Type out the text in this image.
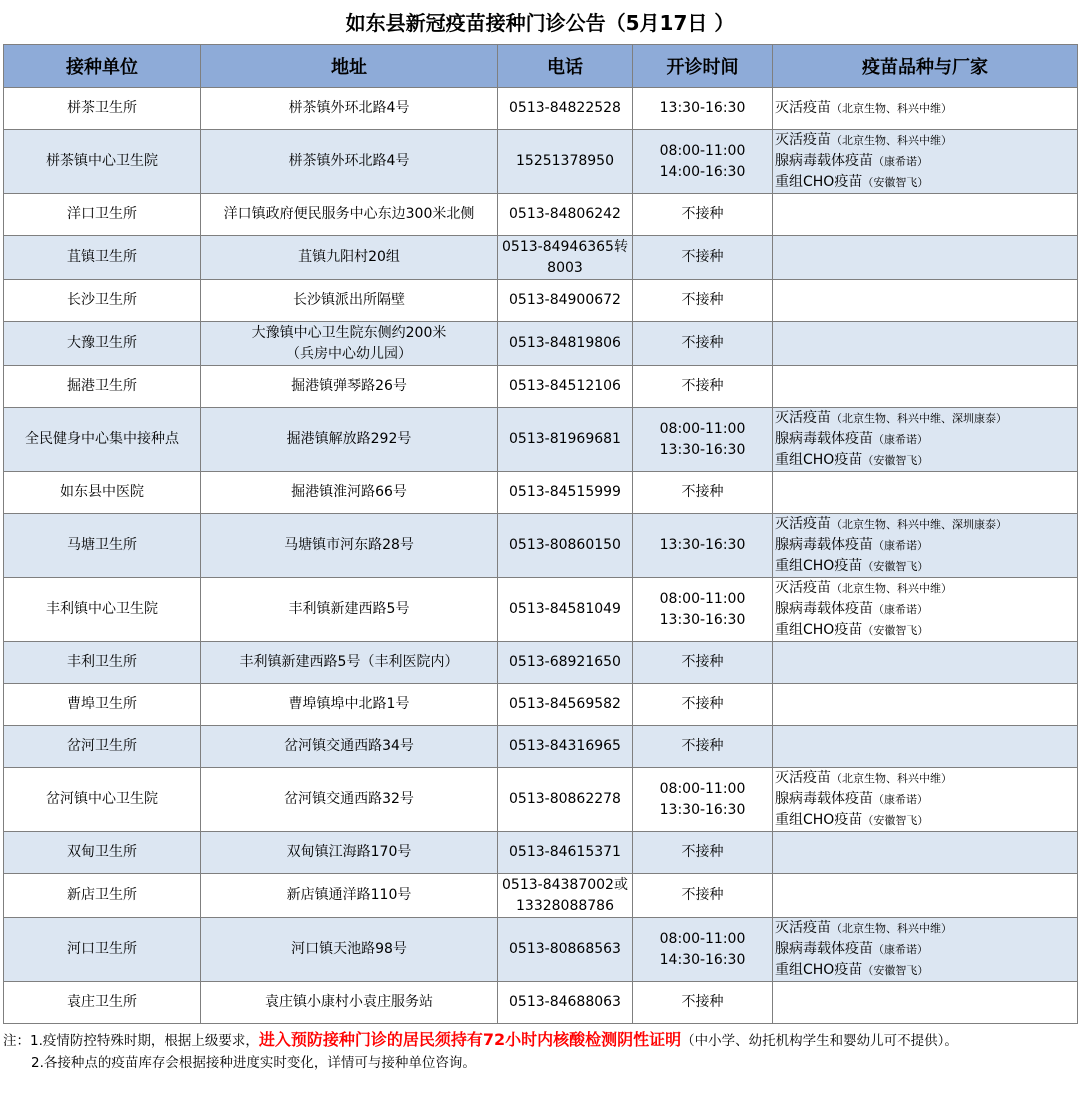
如东县新冠疫苗接种门诊公告（5月17日 ）
接种单位	地址	电话	开诊时间	疫苗品种与厂家
栟茶卫生所	栟茶镇外环北路4号	0513-84822528	13:30-16:30	灭活疫苗（北京生物、科兴中维）

栟茶镇中心卫生院	栟茶镇外环北路4号	15251378950	08:00-11:00
14:00-16:30	灭活疫苗（北京生物、科兴中维）
腺病毒载体疫苗（康希诺）
重组CHO疫苗（安徽智飞）

洋口卫生所	洋口镇政府便民服务中心东边300米北侧	0513-84806242	不接种	
苴镇卫生所	苴镇九阳村20组	0513-84946365转8003	不接种	
长沙卫生所	长沙镇派出所隔壁	0513-84900672	不接种	
大豫卫生所	大豫镇中心卫生院东侧约200米
（兵房中心幼儿园）	0513-84819806	不接种	
掘港卫生所	掘港镇弹琴路26号	0513-84512106	不接种	
全民健身中心集中接种点	掘港镇解放路292号	0513-81969681	08:00-11:00
13:30-16:30	灭活疫苗（北京生物、科兴中维、深圳康泰）
腺病毒载体疫苗（康希诺）
重组CHO疫苗（安徽智飞）

如东县中医院	掘港镇淮河路66号	0513-84515999	不接种	
马塘卫生所	马塘镇市河东路28号	0513-80860150	13:30-16:30	灭活疫苗（北京生物、科兴中维、深圳康泰）
腺病毒载体疫苗（康希诺）
重组CHO疫苗（安徽智飞）

丰利镇中心卫生院	丰利镇新建西路5号	0513-84581049	08:00-11:00
13:30-16:30	灭活疫苗（北京生物、科兴中维）
腺病毒载体疫苗（康希诺）
重组CHO疫苗（安徽智飞）

丰利卫生所	丰利镇新建西路5号（丰利医院内）	0513-68921650	不接种	
曹埠卫生所	曹埠镇埠中北路1号	0513-84569582	不接种	
岔河卫生所	岔河镇交通西路34号	0513-84316965	不接种	
岔河镇中心卫生院	岔河镇交通西路32号	0513-80862278	08:00-11:00
13:30-16:30	灭活疫苗（北京生物、科兴中维）
腺病毒载体疫苗（康希诺）
重组CHO疫苗（安徽智飞）

双甸卫生所	双甸镇江海路170号	0513-84615371	不接种	
新店卫生所	新店镇通洋路110号	0513-84387002或
13328088786	不接种	
河口卫生所	河口镇天池路98号	0513-80868563	08:00-11:00
14:30-16:30	灭活疫苗（北京生物、科兴中维）
腺病毒载体疫苗（康希诺）
重组CHO疫苗（安徽智飞）

袁庄卫生所	袁庄镇小康村小袁庄服务站	0513-84688063	不接种	
注：1.疫情防控特殊时期，根据上级要求，进入预防接种门诊的居民须持有72小时内核酸检测阴性证明（中小学、幼托机构学生和婴幼儿可不提供）。
2.各接种点的疫苗库存会根据接种进度实时变化，详情可与接种单位咨询。
